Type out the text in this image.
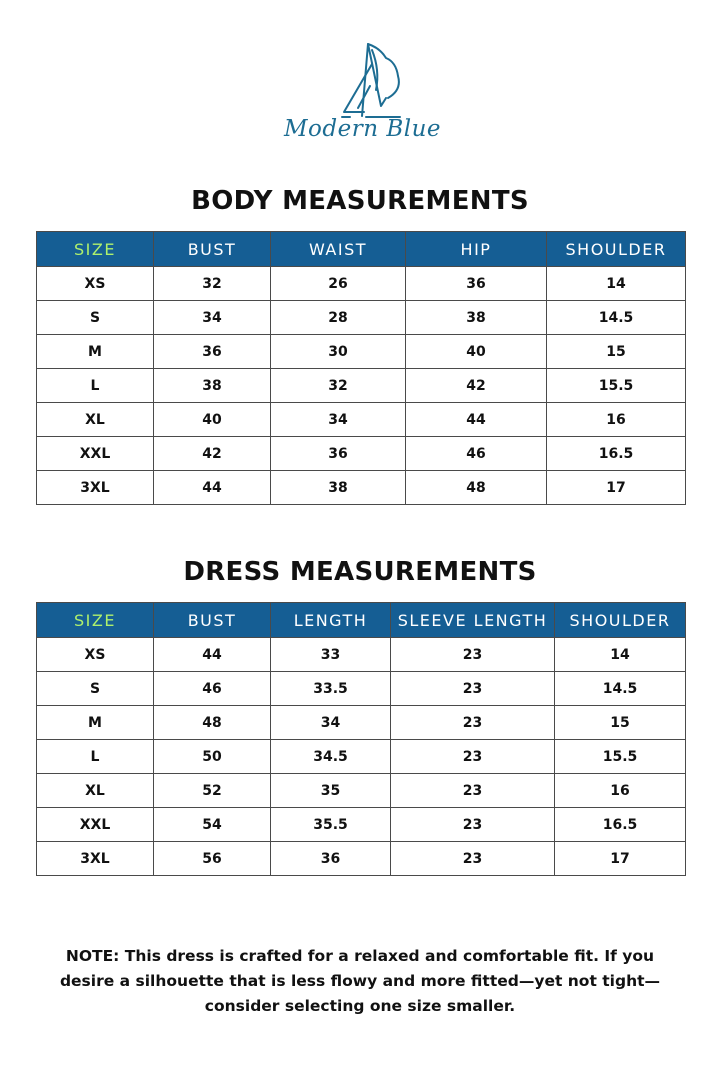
Modern Blue
BODY MEASUREMENTS
SIZE	BUST	WAIST	HIP	SHOULDER
XS	32	26	36	14
S	34	28	38	14.5
M	36	30	40	15
L	38	32	42	15.5
XL	40	34	44	16
XXL	42	36	46	16.5
3XL	44	38	48	17
DRESS MEASUREMENTS
SIZE	BUST	LENGTH	SLEEVE LENGTH	SHOULDER
XS	44	33	23	14
S	46	33.5	23	14.5
M	48	34	23	15
L	50	34.5	23	15.5
XL	52	35	23	16
XXL	54	35.5	23	16.5
3XL	56	36	23	17
NOTE: This dress is crafted for a relaxed and comfortable fit. If you desire a silhouette that is less flowy and more fitted—yet not tight—consider selecting one size smaller.
